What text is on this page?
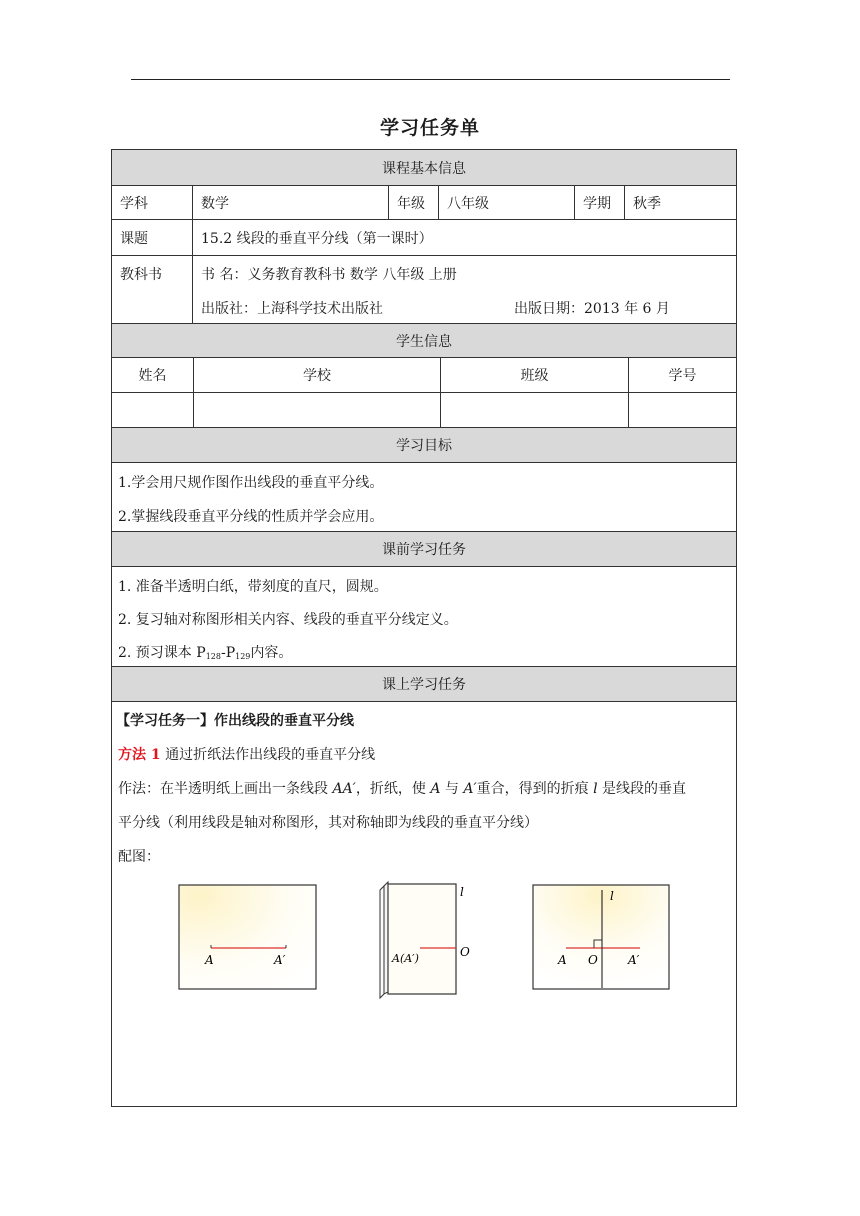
学习任务单
课程基本信息
学科	数学	年级	八年级	学期	秋季
课题	15.2 线段的垂直平分线（第一课时）
教科书	书 名：义务教育教科书 数学 八年级 上册
出版社：上海科学技术出版社	出版日期：2013 年 6 月
学生信息
姓名	学校	班级	学号
学习目标
1.学会用尺规作图作出线段的垂直平分线。
2.掌握线段垂直平分线的性质并学会应用。
课前学习任务
1. 准备半透明白纸，带刻度的直尺，圆规。
2. 复习轴对称图形相关内容、线段的垂直平分线定义。
2. 预习课本 $P_{128}-P_{129}$内容。
课上学习任务
【学习任务一】作出线段的垂直平分线
方法 1 通过折纸法作出线段的垂直平分线
作法：在半透明纸上画出一条线段 AA′，折纸，使 A 与 A′重合，得到的折痕 l 是线段的垂直
平分线（利用线段是轴对称图形，其对称轴即为线段的垂直平分线）
配图：
A	A′
l
O
A(A′)
l
A O	A′
